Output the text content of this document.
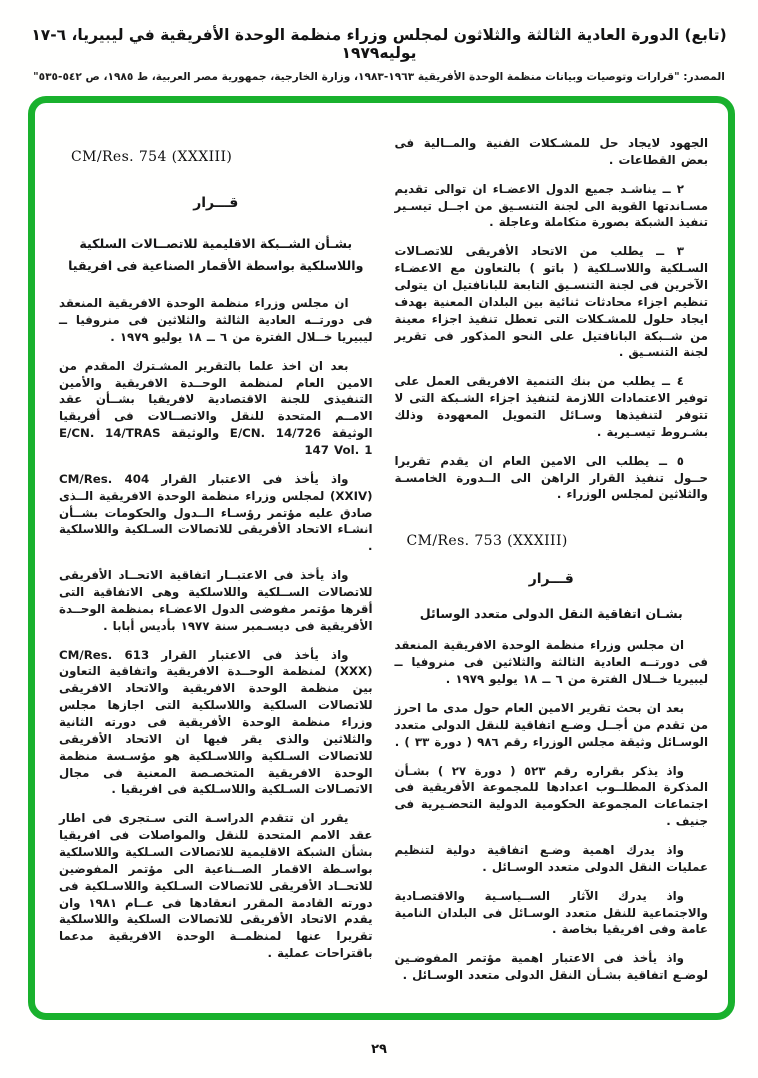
(تابع) الدورة العادية الثالثة والثلاثون لمجلس وزراء منظمة الوحدة الأفريقية في ليبيريا، ٦-١٧ يوليه١٩٧٩
المصدر: "قرارات وتوصيات وبيانات منظمة الوحدة الأفريقية ١٩٦٣-١٩٨٣، وزارة الخارجية، جمهورية مصر العربية، ط ١٩٨٥، ص ٥٤٢-٥٣٥"
الجهود لايجاد حل للمشـكلات الفنية والمــالية فى بعض القطاعات .
٢ ــ يناشـد جميع الدول الاعضـاء ان توالى تقديم مسـاندتها القوية الى لجنة التنسـيق من اجــل تيسـير تنفيذ الشبكة بصورة متكاملة وعاجلة .
٣ ــ يطلب من الاتحاد الأفريقى للاتصـالات السـلكية واللاسـلكية ( باتو ) بالتعاون مع الاعضـاء الآخرين فى لجنة التنسـيق التابعة للبانافتيل ان يتولى تنظيم اجزاء محادثات ثنائية بين البلدان المعنية بهدف ايجاد حلول للمشـكلات التى تعطل تنفيذ اجزاء معينة من شــبكة البانافتيل على النحو المذكور فى تقرير لجنة التنسـيق .
٤ ــ يطلب من بنك التنمية الافريقى العمل على توفير الاعتمادات اللازمة لتنفيذ اجزاء الشـبكة التى لا تتوفر لتنفيذها وسـائل التمويل المعهودة وذلك بشـروط تيسـيرية .
٥ ــ يطلب الى الامين العام ان يقدم تقريرا حــول تنفيذ القرار الراهن الى الــدورة الخامسـة والثلاثين لمجلس الوزراء .
CM/Res. 753 (XXXIII)
قـــرار
بشـان اتفاقية النقل الدولى متعدد الوسائل
ان مجلس وزراء منظمة الوحدة الافريقية المنعقد فى دورتــه العادية الثالثة والثلاثين فى منروفيا ــ ليبيريا خــلال الفترة من ٦ ــ ١٨ يوليو ١٩٧٩ .
بعد ان بحث تقرير الامين العام حول مدى ما احرز من تقدم من أجــل وضـع اتفاقية للنقل الدولى متعدد الوسـائل وثيقة مجلس الوزراء رقم ٩٨٦ ( دورة ٣٣ ) .
واذ يذكر بقراره رقم ٥٢٣ ( دورة ٢٧ ) بشـأن المذكرة المطلــوب اعدادها للمجموعة الأفريقية فى اجتماعات المجموعة الحكومية الدولية التحضـيرية فى جنيف .
واذ يدرك اهمية وضـع اتفاقية دولية لتنظيم عمليات النقل الدولى متعدد الوسـائل .
واذ يدرك الآثار الســياسـية والاقتصـادية والاجتماعية للنقل متعدد الوسـائل فى البلدان النامية عامة وفى افريقيا بخاصة .
واذ يأخذ فى الاعتبار اهمية مؤتمر المفوضـين لوضـع اتفاقية بشـأن النقل الدولى متعدد الوسـائل .
CM/Res. 754 (XXXIII)
قـــرار
بشـأن الشــبكة الاقليمية للاتصــالات السلكية واللاسلكية بواسطة الأقمار الصناعية فى افريقيا
ان مجلس وزراء منظمة الوحدة الافريقية المنعقد فى دورتــه العادية الثالثة والثلاثين فى منروفيا ــ ليبيريا خــلال الفترة من ٦ ــ ١٨ يوليو ١٩٧٩ .
بعد ان اخذ علما بالتقرير المشـترك المقدم من الامين العام لمنظمة الوحــدة الافريقية والأمين التنفيذى للجنة الاقتصادية لافريقيا بشــأن عقد الامــم المتحدة للنقل والاتصــالات فى أفريقيا الوثيقة E/CN. 14/726 والوثيقة E/CN. 14/TRAS 147 Vol. 1
واذ يأخذ فى الاعتبار القرار CM/Res. 404 (XXIV) لمجلس وزراء منظمة الوحدة الافريقية الــذى صادق عليه مؤتمر رؤسـاء الــدول والحكومات بشــأن انشـاء الاتحاد الأفريقى للاتصالات السـلكية واللاسلكية .
واذ يأخذ فى الاعتبــار اتفاقية الاتحــاد الأفريقى للاتصالات الســلكية واللاسلكية وهى الاتفاقية التى أقرها مؤتمر مفوضى الدول الاعضـاء بمنظمة الوحــدة الأفريقية فى ديسـمبر سنة ١٩٧٧ بأديس أبابا .
واذ يأخذ فى الاعتبار القرار CM/Res. 613 (XXX) لمنظمة الوحــدة الافريقية واتفاقية التعاون بين منظمة الوحدة الافريقية والاتحاد الافريقى للاتصالات السلكية واللاسلكية التى اجازها مجلس وزراء منظمة الوحدة الأفريقية فى دورته الثانية والثلاثين والذى يقر فيها ان الاتحاد الأفريقى للاتصالات السـلكية واللاسـلكية هو مؤسـسة منظمة الوحدة الافريقية المتخصـصة المعنية فى مجال الاتصـالات السـلكية واللاسـلكية فى افريقيا .
يقرر ان تتقدم الدراسـة التى سـتجرى فى اطار عقد الامم المتحدة للنقل والمواصلات فى افريقيا بشأن الشبكة الاقليمية للاتصالات السـلكية واللاسلكية بواسـطة الاقمار الصــناعية الى مؤتمر المفوضين للاتحــاد الأفريقى للاتصالات السـلكية واللاسـلكية فى دورته القادمة المقرر انعقادها فى عــام ١٩٨١ وان يقدم الاتحاد الأفريقى للاتصالات السلكية واللاسلكية تقريرا عنها لمنظمــة الوحدة الافريقية مدعما باقتراحات عملية .
٢٩
